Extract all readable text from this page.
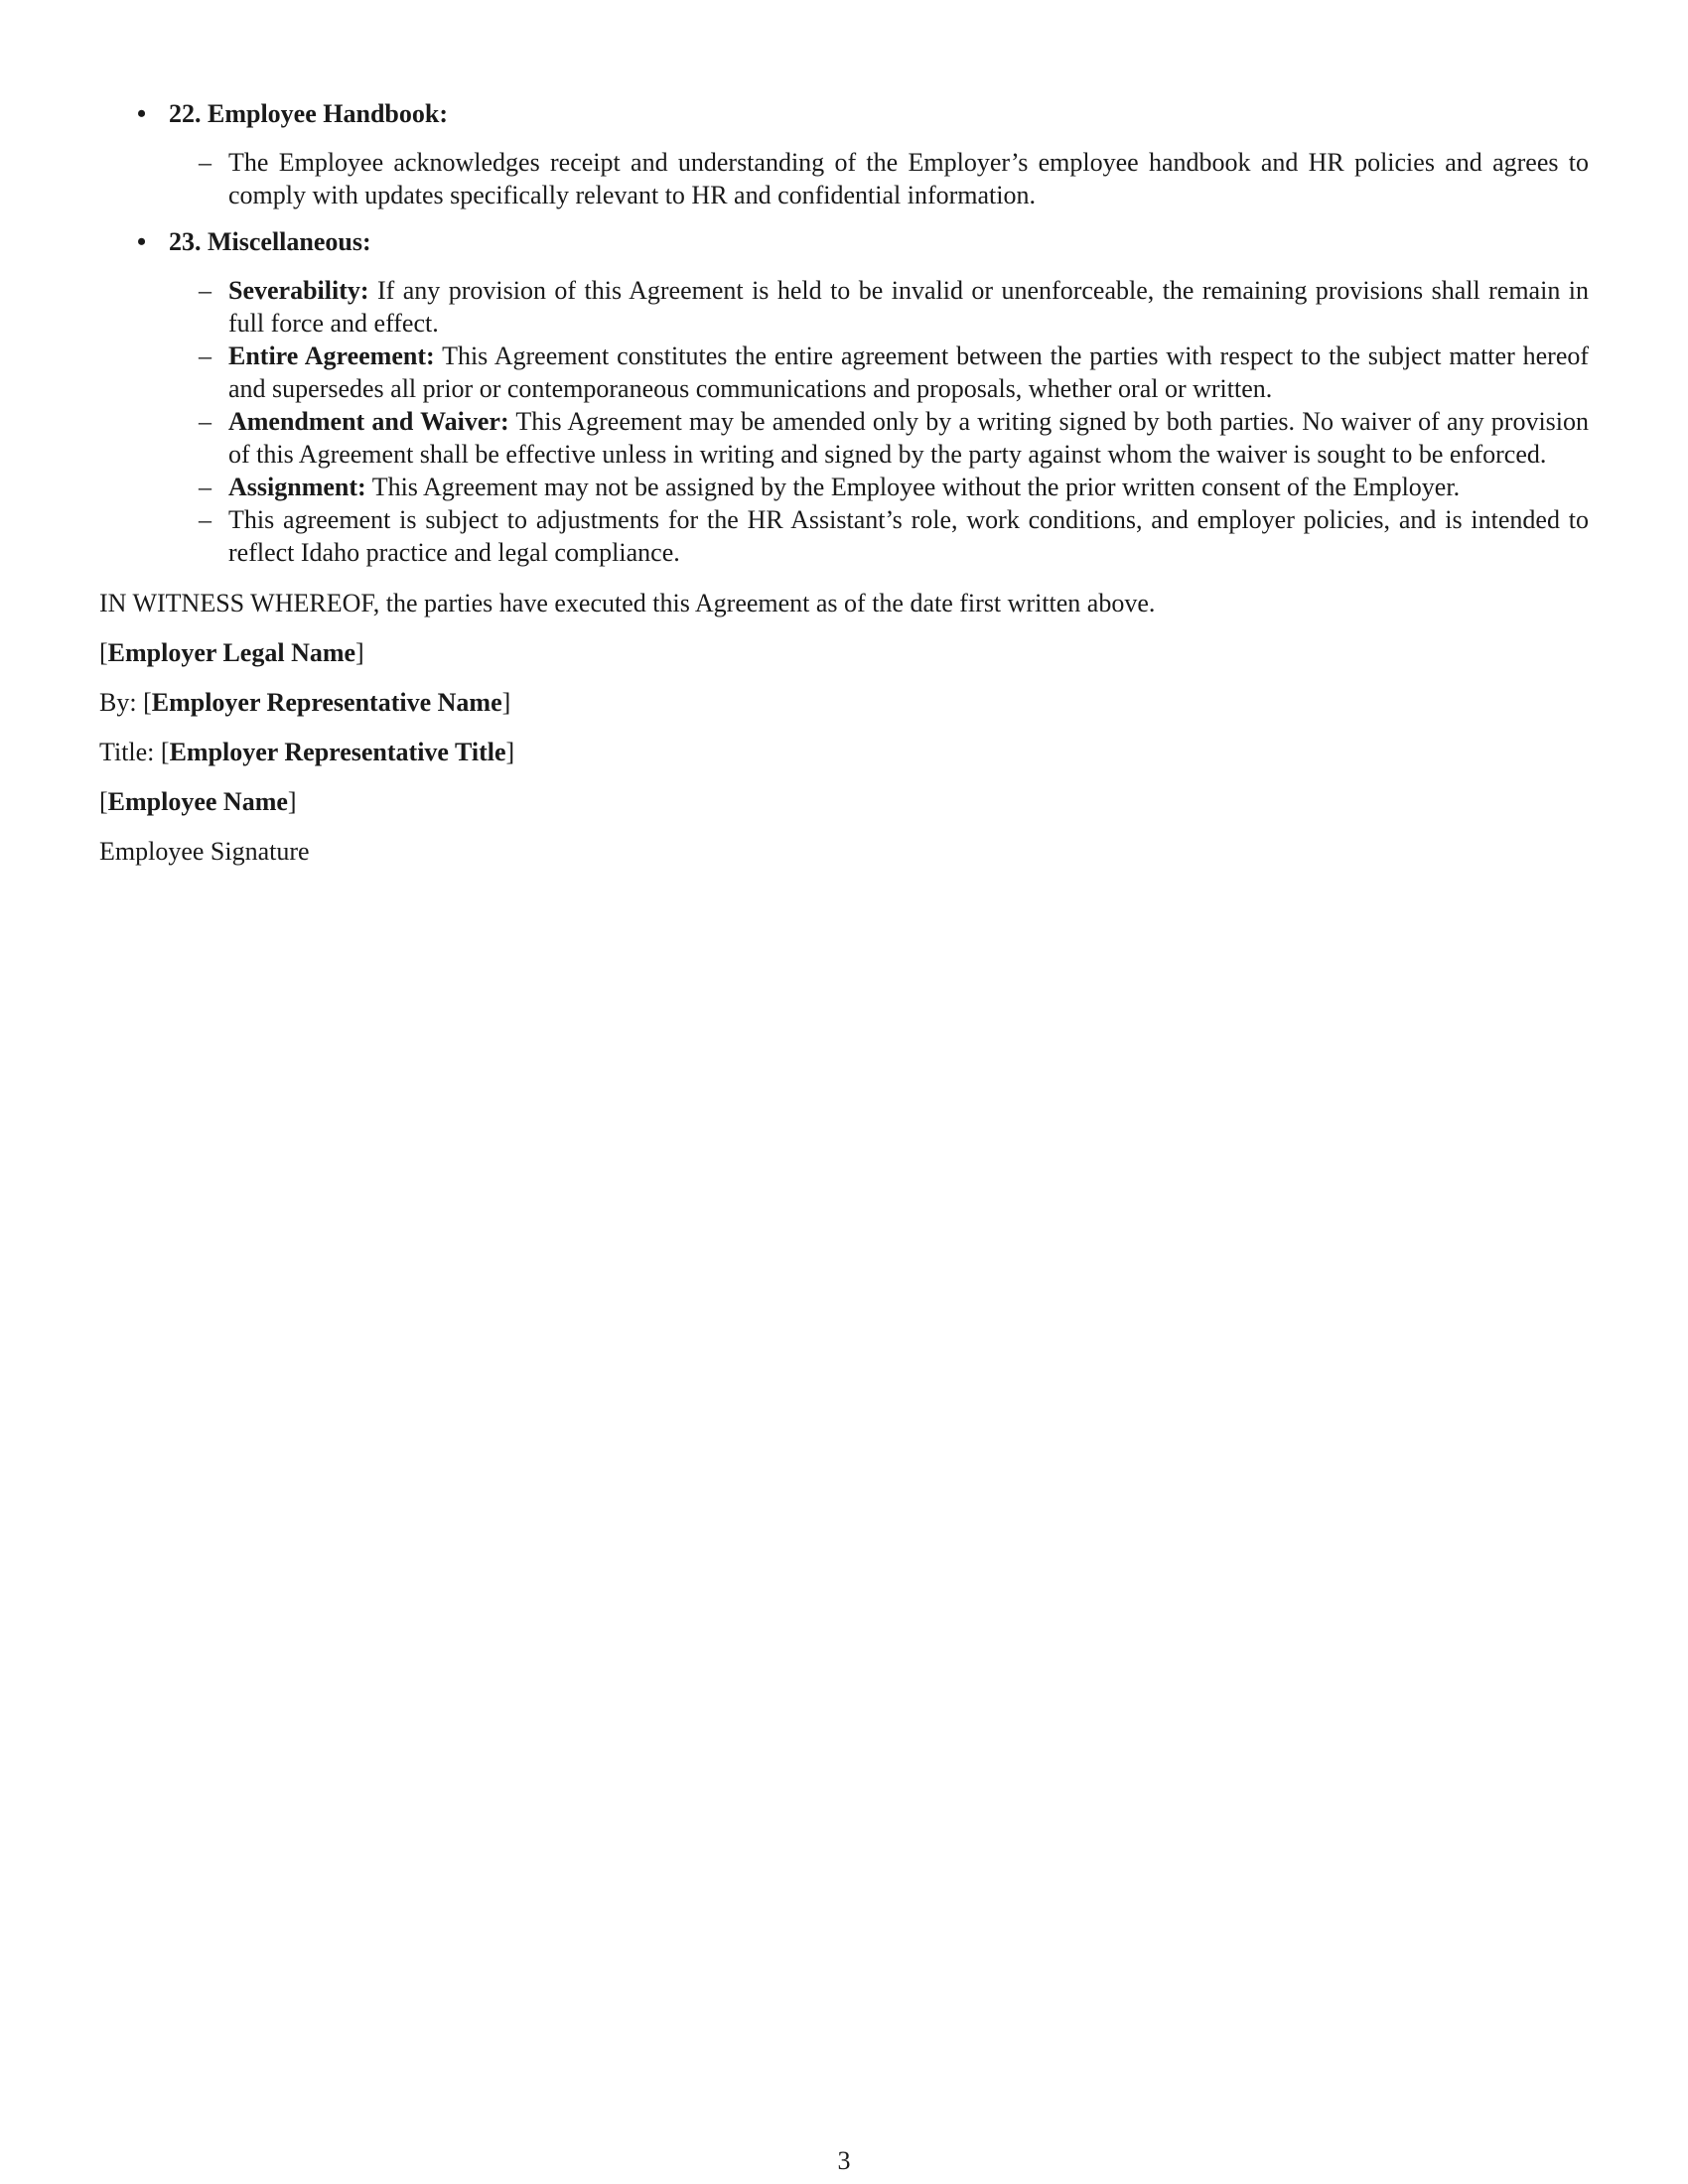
• 22. Employee Handbook:
– The Employee acknowledges receipt and understanding of the Employer’s employee handbook and HR policies and agrees to comply with updates specifically relevant to HR and confidential information.
• 23. Miscellaneous:
– Severability: If any provision of this Agreement is held to be invalid or unenforceable, the remaining provisions shall remain in full force and effect.
– Entire Agreement: This Agreement constitutes the entire agreement between the parties with respect to the subject matter hereof and supersedes all prior or contemporaneous communications and proposals, whether oral or written.
– Amendment and Waiver: This Agreement may be amended only by a writing signed by both parties. No waiver of any provision of this Agreement shall be effective unless in writing and signed by the party against whom the waiver is sought to be enforced.
– Assignment: This Agreement may not be assigned by the Employee without the prior written consent of the Employer.
– This agreement is subject to adjustments for the HR Assistant’s role, work conditions, and employer policies, and is intended to reflect Idaho practice and legal compliance.
IN WITNESS WHEREOF, the parties have executed this Agreement as of the date first written above.
[Employer Legal Name]
By: [Employer Representative Name]
Title: [Employer Representative Title]
[Employee Name]
Employee Signature
3
